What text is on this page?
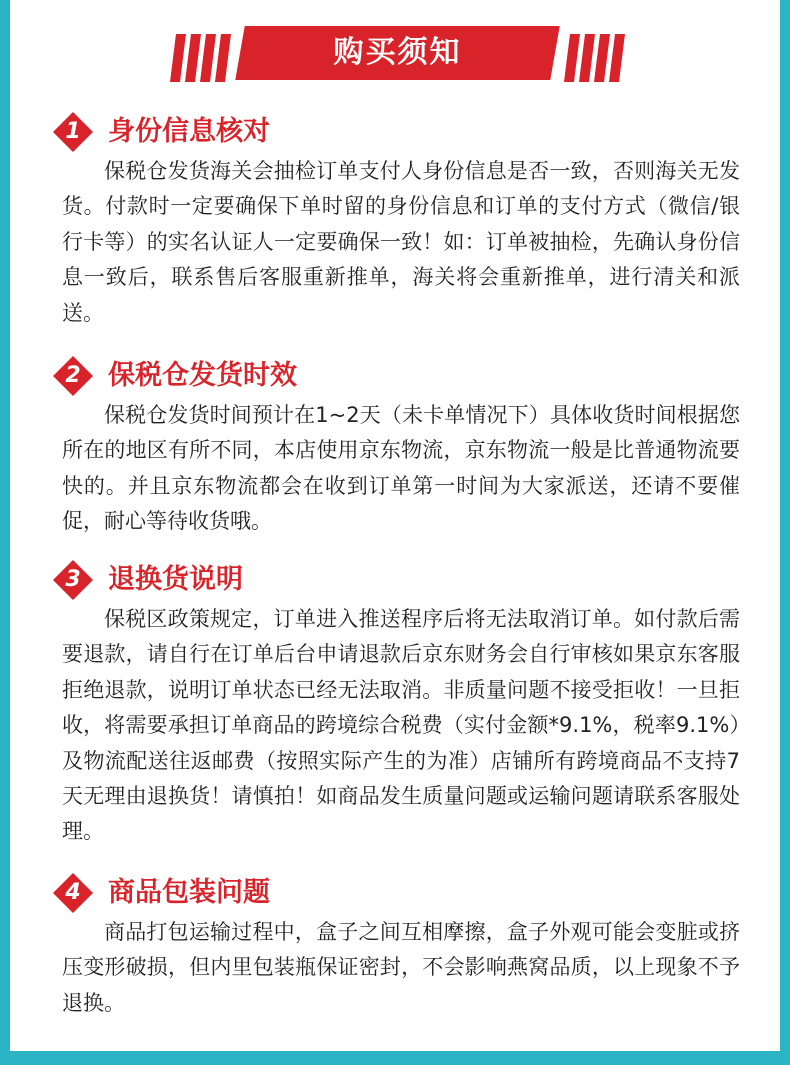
购买须知
1	身份信息核对

保税仓发货海关会抽检订单支付人身份信息是否一致，否则海关无发货。付款时一定要确保下单时留的身份信息和订单的支付方式（微信/银行卡等）的实名认证人一定要确保一致！如：订单被抽检，先确认身份信息一致后，联系售后客服重新推单，海关将会重新推单，进行清关和派送。

2	保税仓发货时效

保税仓发货时间预计在1~2天（未卡单情况下）具体收货时间根据您所在的地区有所不同，本店使用京东物流，京东物流一般是比普通物流要快的。并且京东物流都会在收到订单第一时间为大家派送，还请不要催促，耐心等待收货哦。

3	退换货说明

保税区政策规定，订单进入推送程序后将无法取消订单。如付款后需要退款，请自行在订单后台申请退款后京东财务会自行审核如果京东客服拒绝退款，说明订单状态已经无法取消。非质量问题不接受拒收！一旦拒收，将需要承担订单商品的跨境综合税费（实付金额*9.1%，税率9.1%）及物流配送往返邮费（按照实际产生的为准）店铺所有跨境商品不支持7天无理由退换货！请慎拍！如商品发生质量问题或运输问题请联系客服处理。

4	商品包装问题

商品打包运输过程中，盒子之间互相摩擦，盒子外观可能会变脏或挤压变形破损，但内里包装瓶保证密封，不会影响燕窝品质，以上现象不予退换。
